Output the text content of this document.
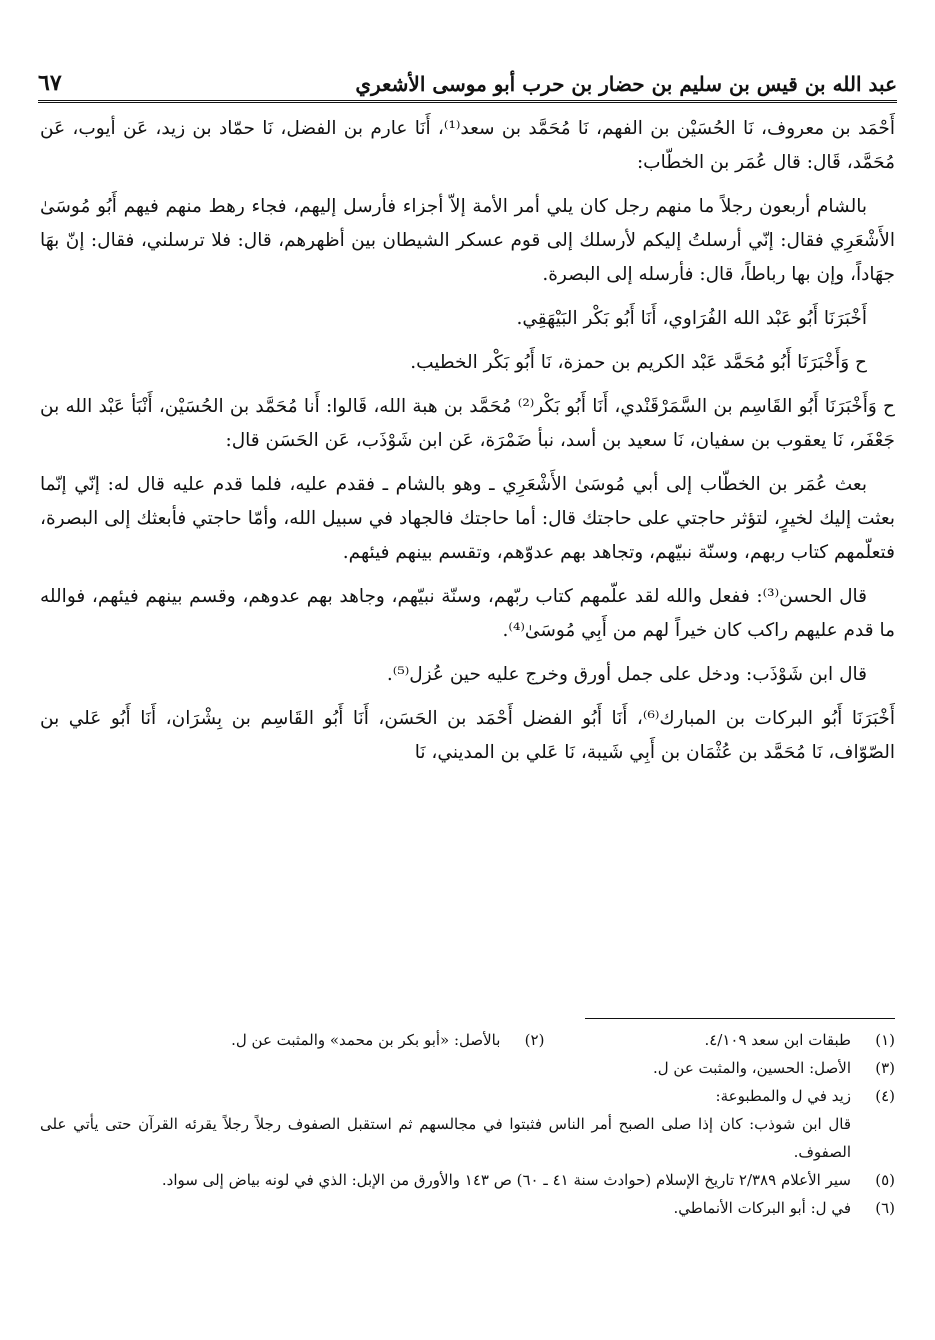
عبد الله بن قيس بن سليم بن حضار بن حرب أبو موسى الأشعري
٦٧

أَحْمَد بن معروف، نَا الحُسَيْن بن الفهم، نَا مُحَمَّد بن سعد⁽¹⁾، أَنَا عارم بن الفضل، نَا حمّاد بن زيد، عَن أيوب، عَن مُحَمَّد، قَال: قال عُمَر بن الخطّاب:

بالشام أربعون رجلاً ما منهم رجل كان يلي أمر الأمة إلاّ أجزاء فأرسل إليهم، فجاء رهط منهم فيهم أَبُو مُوسَىٰ الأَشْعَرِي فقال: إنّي أرسلتُ إليكم لأرسلك إلى قوم عسكر الشيطان بين أظهرهم، قال: فلا ترسلني، فقال: إنّ بهَا جهَاداً، وإن بها رباطاً، قال: فأرسله إلى البصرة.

أَخْبَرَنَا أَبُو عَبْد الله الفُرَاوي، أَنَا أَبُو بَكْر البَيْهَقِي.

ح وَأَخْبَرَنَا أَبُو مُحَمَّد عَبْد الكريم بن حمزة، نَا أَبُو بَكْر الخطيب.

ح وَأَخْبَرَنَا أَبُو القَاسِم بن السَّمَرْقَنْدي، أَنَا أَبُو بَكْر⁽²⁾ مُحَمَّد بن هبة الله، قَالوا: أَنا مُحَمَّد بن الحُسَيْن، أَنْبَأ عَبْد الله بن جَعْفَر، نَا يعقوب بن سفيان، نَا سعيد بن أسد، نبأ ضَمْرَة، عَن ابن شَوْذَب، عَن الحَسَن قال:

بعث عُمَر بن الخطّاب إلى أبي مُوسَىٰ الأَشْعَرِي ـ وهو بالشام ـ فقدم عليه، فلما قدم عليه قال له: إنّي إنّما بعثت إليك لخيرٍ، لتؤثر حاجتي على حاجتك قال: أما حاجتك فالجهاد في سبيل الله، وأمّا حاجتي فأبعثك إلى البصرة، فتعلّمهم كتاب ربهم، وسنّة نبيّهم، وتجاهد بهم عدوّهم، وتقسم بينهم فيئهم.

قال الحسن⁽³⁾: ففعل والله لقد علّمهم كتاب ربّهم، وسنّة نبيّهم، وجاهد بهم عدوهم، وقسم بينهم فيئهم، فوالله ما قدم عليهم راكب كان خيراً لهم من أَبِي مُوسَىٰ⁽⁴⁾.

قال ابن شَوْذَب: ودخل على جمل أورق وخرج عليه حين عُزل⁽⁵⁾.

أَخْبَرَنَا أَبُو البركات بن المبارك⁽⁶⁾، أَنَا أَبُو الفضل أَحْمَد بن الحَسَن، أَنَا أَبُو القَاسِم بن بِشْرَان، أَنَا أَبُو عَلي بن الصّوّاف، نَا مُحَمَّد بن عُثْمَان بن أَبِي شَيبة، نَا عَلي بن المديني، نَا

(١)
طبقات ابن سعد ٤/١٠٩.
(٢)
بالأصل: «أبو بكر بن محمد» والمثبت عن ل.
(٣)
الأصل: الحسين، والمثبت عن ل.
(٤)
زيد في ل والمطبوعة:
قال ابن شوذب: كان إذا صلى الصبح أمر الناس فثبتوا في مجالسهم ثم استقبل الصفوف رجلاً رجلاً يقرئه القرآن حتى يأتي على الصفوف.
(٥)
سير الأعلام ٢/٣٨٩ تاريخ الإسلام (حوادث سنة ٤١ ـ ٦٠) ص ١٤٣ والأورق من الإبل: الذي في لونه بياض إلى سواد.
(٦)
في ل: أبو البركات الأنماطي.
